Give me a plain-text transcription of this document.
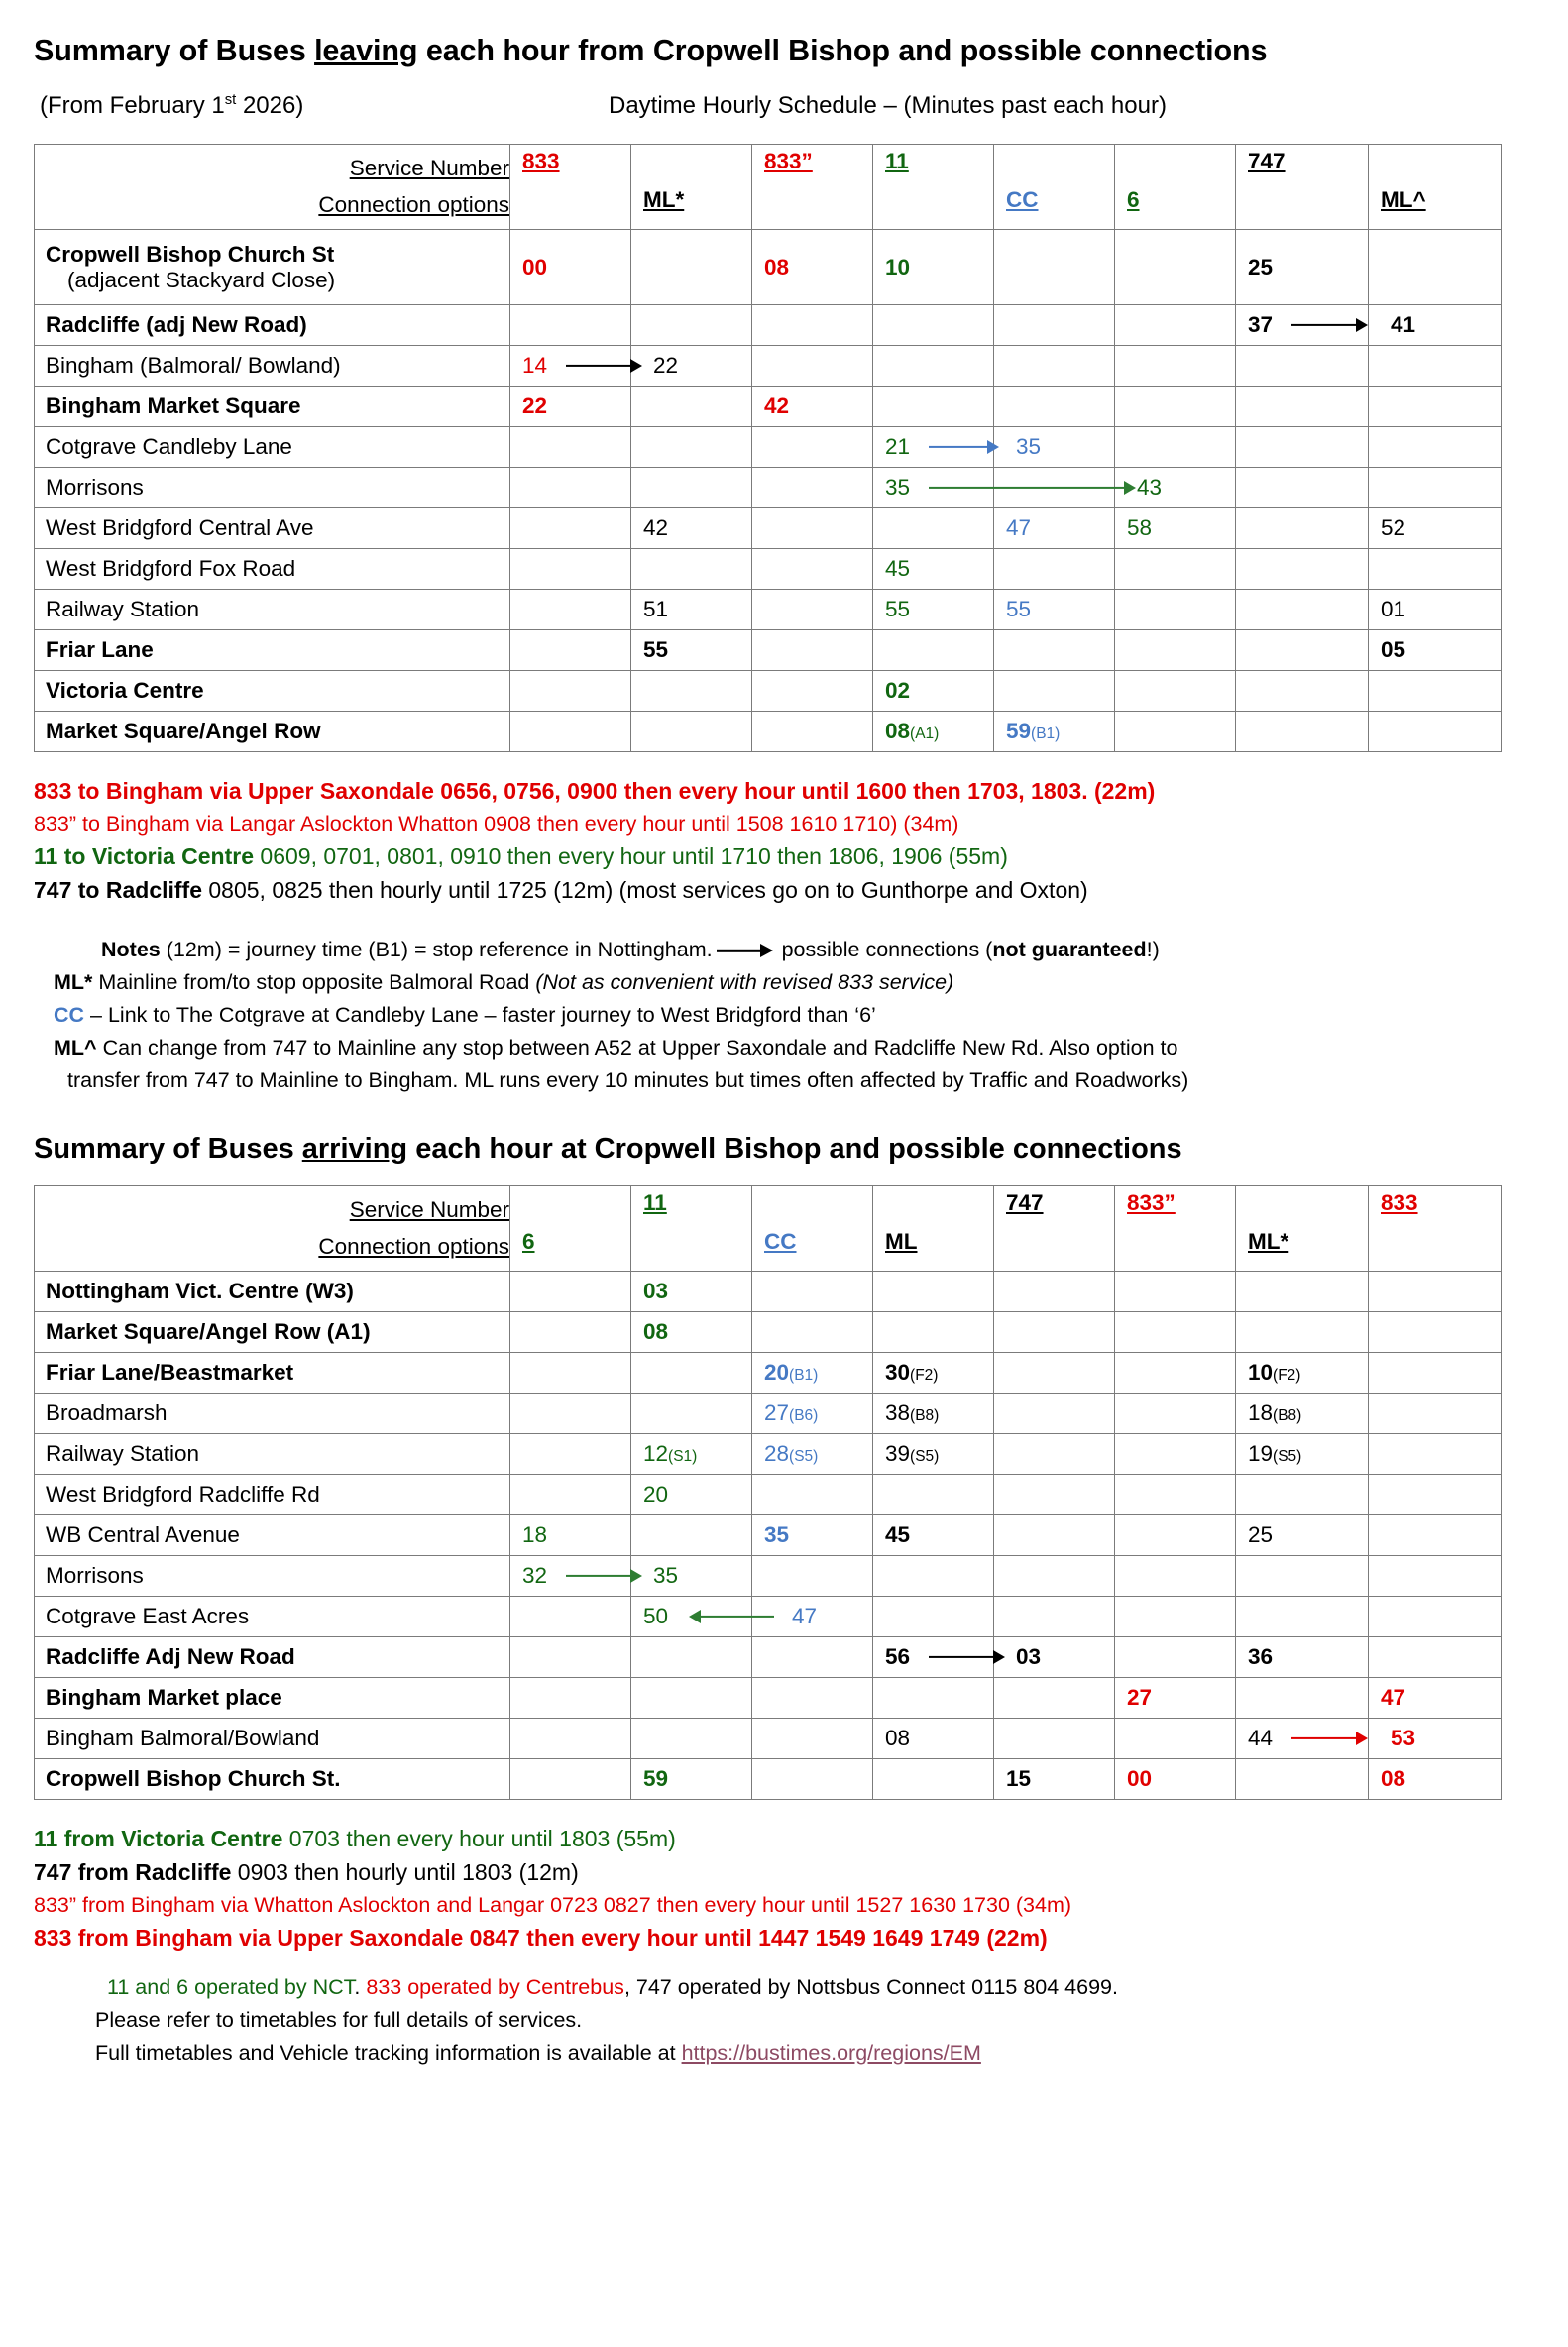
Summary of Buses leaving each hour from Cropwell Bishop and possible connections
(From February 1st 2026)	Daytime Hourly Schedule – (Minutes past each hour)
Service Number
Connection options	833	ML*	833”	11	CC	6	747	ML^

Cropwell Bishop Church St
(adjacent Stackyard Close)	00		08	10			25	
Radcliffe (adj New Road)							37	41
Bingham (Balmoral/ Bowland)	14	22						
Bingham Market Square	22		42					
Cotgrave Candleby Lane				21	35			
Morrisons				35		43		
West Bridgford Central Ave		42			47	58		52
West Bridgford Fox Road				45				
Railway Station		51		55	55			01
Friar Lane		55						05
Victoria Centre				02				
Market Square/Angel Row				08(A1)	59(B1)			
833 to Bingham via Upper Saxondale 0656, 0756, 0900 then every hour until 1600 then 1703, 1803. (22m)
833” to Bingham via Langar Aslockton Whatton 0908 then every hour until 1508 1610 1710) (34m)
11 to Victoria Centre 0609, 0701, 0801, 0910 then every hour until 1710 then 1806, 1906 (55m)
747 to Radcliffe 0805, 0825 then hourly until 1725 (12m) (most services go on to Gunthorpe and Oxton)
Notes (12m) = journey time (B1) = stop reference in Nottingham.	possible connections (not guaranteed!)
ML* Mainline from/to stop opposite Balmoral Road (Not as convenient with revised 833 service)
CC – Link to The Cotgrave at Candleby Lane – faster journey to West Bridgford than ‘6’
ML^ Can change from 747 to Mainline any stop between A52 at Upper Saxondale and Radcliffe New Rd. Also option to
transfer from 747 to Mainline to Bingham. ML runs every 10 minutes but times often affected by Traffic and Roadworks)
Summary of Buses arriving each hour at Cropwell Bishop and possible connections
Service Number
Connection options	6	11	CC	ML	747	833”	ML*	833

Nottingham Vict. Centre (W3)		03						
Market Square/Angel Row (A1)		08						
Friar Lane/Beastmarket			20(B1)	30(F2)			10(F2)	
Broadmarsh			27(B6)	38(B8)			18(B8)	
Railway Station		12(S1)	28(S5)	39(S5)			19(S5)	
West Bridgford Radcliffe Rd		20						
WB Central Avenue	18		35	45			25	
Morrisons	32	35						
Cotgrave East Acres		50	47					
Radcliffe Adj New Road				56	03		36	
Bingham Market place						27		47
Bingham Balmoral/Bowland				08			44	53
Cropwell Bishop Church St.		59			15	00		08
11 from Victoria Centre 0703 then every hour until 1803 (55m)
747 from Radcliffe 0903 then hourly until 1803 (12m)
833” from Bingham via Whatton Aslockton and Langar 0723 0827 then every hour until 1527 1630 1730 (34m)
833 from Bingham via Upper Saxondale 0847 then every hour until 1447 1549 1649 1749 (22m)
11 and 6 operated by NCT. 833 operated by Centrebus, 747 operated by Nottsbus Connect 0115 804 4699.
Please refer to timetables for full details of services.
Full timetables and Vehicle tracking information is available at https://bustimes.org/regions/EM
